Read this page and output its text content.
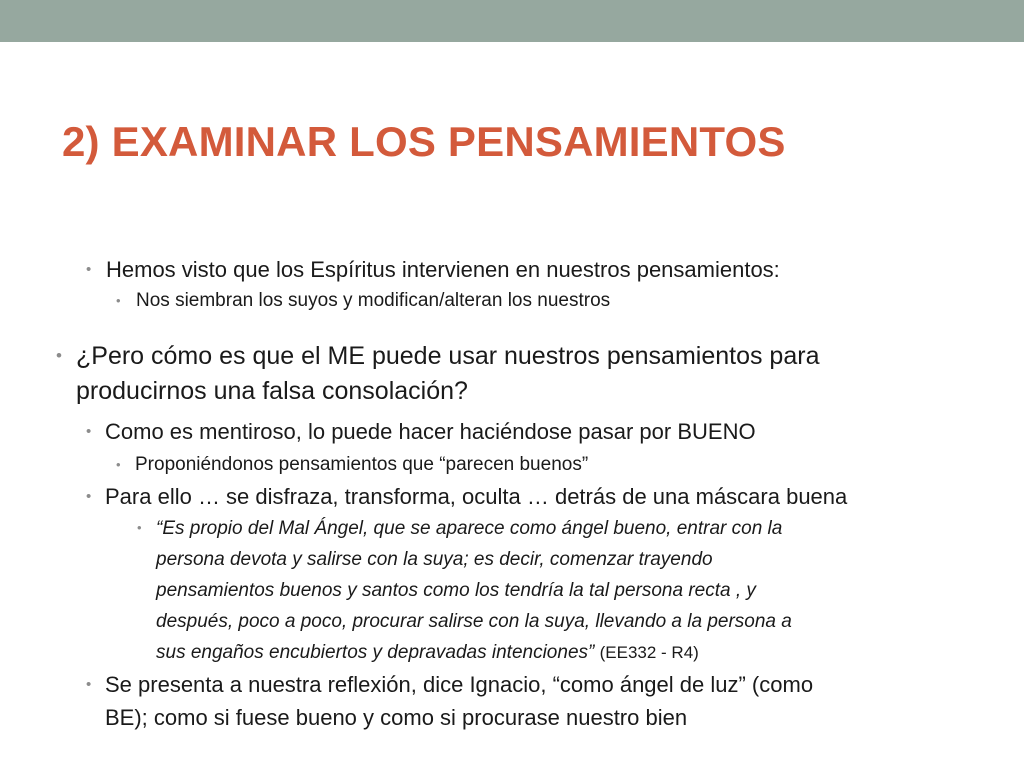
2) EXAMINAR LOS PENSAMIENTOS
• Hemos visto que los Espíritus intervienen en nuestros pensamientos:
• Nos siembran los suyos y modifican/alteran los nuestros
• ¿Pero cómo es que el ME puede usar nuestros pensamientos para
producirnos una falsa consolación?
• Como es mentiroso, lo puede hacer haciéndose pasar por BUENO
• Proponiéndonos pensamientos que “parecen buenos”
• Para ello … se disfraza, transforma, oculta … detrás de una máscara buena
• “Es propio del Mal Ángel, que se aparece como ángel bueno, entrar con la
persona devota y salirse con la suya; es decir, comenzar trayendo
pensamientos buenos y santos como los tendría la tal persona recta , y
después, poco a poco, procurar salirse con la suya, llevando a la persona a
sus engaños encubiertos y depravadas intenciones” (EE332 - R4)
• Se presenta a nuestra reflexión, dice Ignacio, “como ángel de luz” (como
BE); como si fuese bueno y como si procurase nuestro bien
